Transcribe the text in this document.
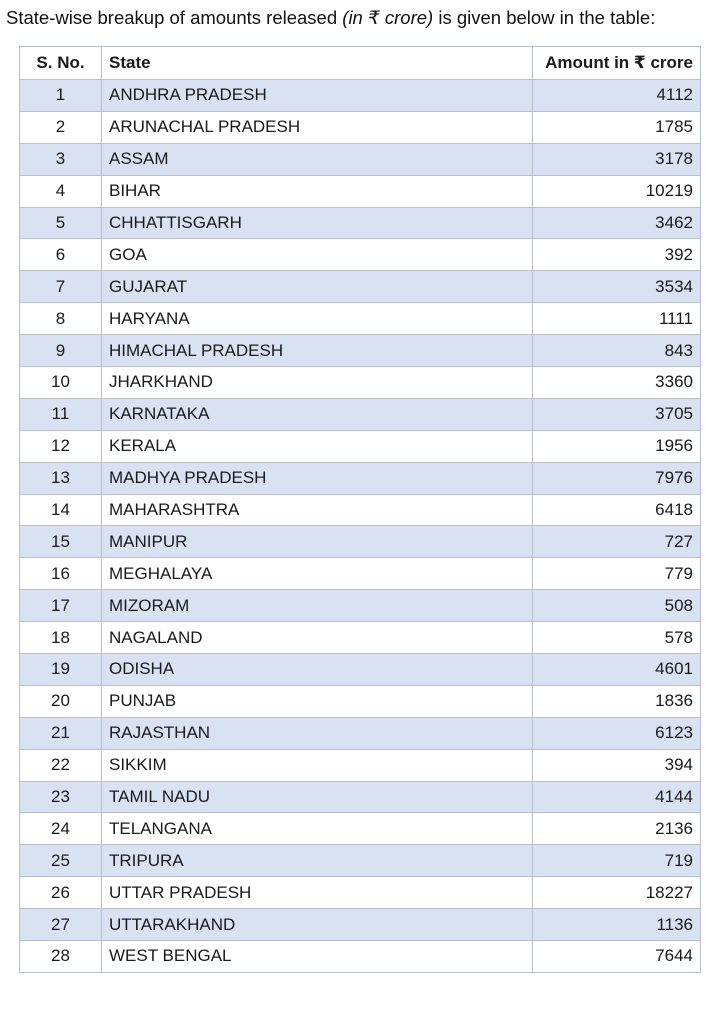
State-wise breakup of amounts released (in ₹ crore) is given below in the table:
S. No.	State	Amount in ₹ crore
1	ANDHRA PRADESH	4112
2	ARUNACHAL PRADESH	1785
3	ASSAM	3178
4	BIHAR	10219
5	CHHATTISGARH	3462
6	GOA	392
7	GUJARAT	3534
8	HARYANA	1111
9	HIMACHAL PRADESH	843
10	JHARKHAND	3360
11	KARNATAKA	3705
12	KERALA	1956
13	MADHYA PRADESH	7976
14	MAHARASHTRA	6418
15	MANIPUR	727
16	MEGHALAYA	779
17	MIZORAM	508
18	NAGALAND	578
19	ODISHA	4601
20	PUNJAB	1836
21	RAJASTHAN	6123
22	SIKKIM	394
23	TAMIL NADU	4144
24	TELANGANA	2136
25	TRIPURA	719
26	UTTAR PRADESH	18227
27	UTTARAKHAND	1136
28	WEST BENGAL	7644
